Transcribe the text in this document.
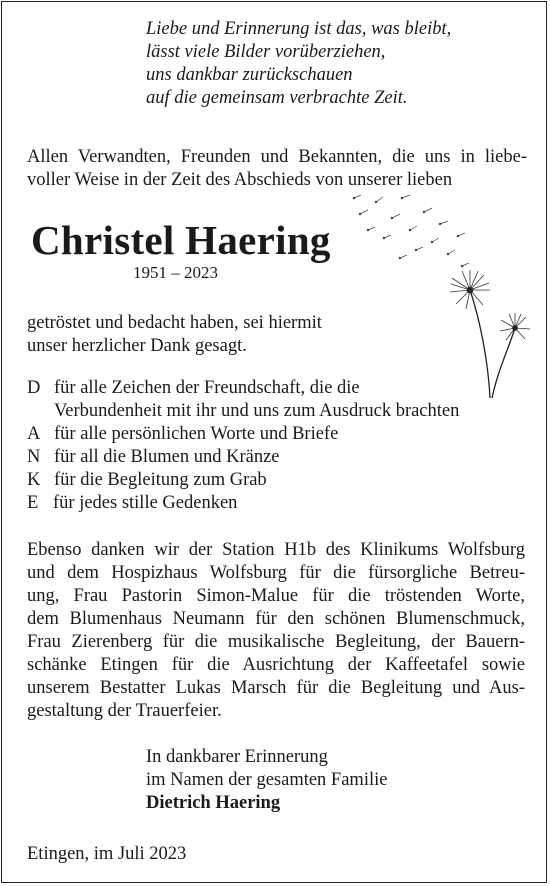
Liebe und Erinnerung ist das, was bleibt,
lässt viele Bilder vorüberziehen,
uns dankbar zurückschauen
auf die gemeinsam verbrachte Zeit.
Allen Verwandten, Freunden und Bekannten, die uns in liebe-
voller Weise in der Zeit des Abschieds von unserer lieben
Christel Haering
1951 – 2023
getröstet und bedacht haben, sei hiermit
unser herzlicher Dank gesagt.
D für alle Zeichen der Freundschaft, die die
Verbundenheit mit ihr und uns zum Ausdruck brachten
A für alle persönlichen Worte und Briefe
N für all die Blumen und Kränze
K für die Begleitung zum Grab
E für jedes stille Gedenken
Ebenso danken wir der Station H1b des Klinikums Wolfsburg
und dem Hospizhaus Wolfsburg für die fürsorgliche Betreu-
ung, Frau Pastorin Simon-Malue für die tröstenden Worte,
dem Blumenhaus Neumann für den schönen Blumenschmuck,
Frau Zierenberg für die musikalische Begleitung, der Bauern-
schänke Etingen für die Ausrichtung der Kaffeetafel sowie
unserem Bestatter Lukas Marsch für die Begleitung und Aus-
gestaltung der Trauerfeier.
In dankbarer Erinnerung
im Namen der gesamten Familie
Dietrich Haering
Etingen, im Juli 2023
